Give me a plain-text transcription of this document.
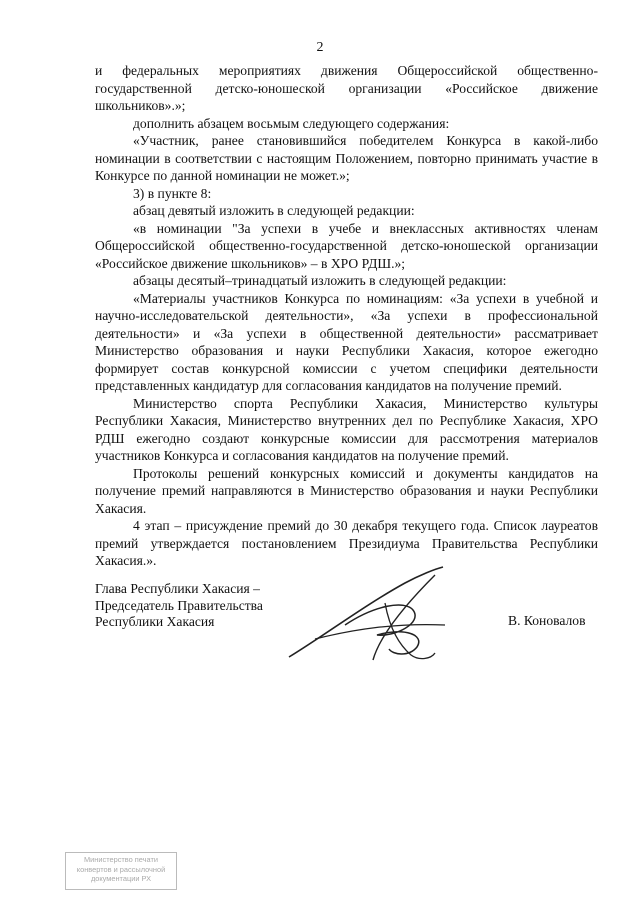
2

и федеральных мероприятиях движения Общероссийской общественно-государственной детско-юношеской организации «Российское движение школьников».»;

дополнить абзацем восьмым следующего содержания:

«Участник, ранее становившийся победителем Конкурса в какой-либо номинации в соответствии с настоящим Положением, повторно принимать участие в Конкурсе по данной номинации не может.»;

3) в пункте 8:

абзац девятый изложить в следующей редакции:

«в номинации "За успехи в учебе и внеклассных активностях членам Общероссийской общественно-государственной детско-юношеской организации «Российское движение школьников» – в ХРО РДШ.»;

абзацы десятый–тринадцатый изложить в следующей редакции:

«Материалы участников Конкурса по номинациям: «За успехи в учебной и научно-исследовательской деятельности», «За успехи в профессиональной деятельности» и «За успехи в общественной деятельности» рассматривает Министерство образования и науки Республики Хакасия, которое ежегодно формирует состав конкурсной комиссии с учетом специфики деятельности представленных кандидатур для согласования кандидатов на получение премий.

Министерство спорта Республики Хакасия, Министерство культуры Республики Хакасия, Министерство внутренних дел по Республике Хакасия, ХРО РДШ ежегодно создают конкурсные комиссии для рассмотрения материалов участников Конкурса и согласования кандидатов на получение премий.

Протоколы решений конкурсных комиссий и документы кандидатов на получение премий направляются в Министерство образования и науки Республики Хакасия.

4 этап – присуждение премий до 30 декабря текущего года. Список лауреатов премий утверждается постановлением Президиума Правительства Республики Хакасия.».

Глава Республики Хакасия –
Председатель Правительства
Республики Хакасия	В. Коновалов
Министерство печати
конвертов и рассылочной
документации РХ
